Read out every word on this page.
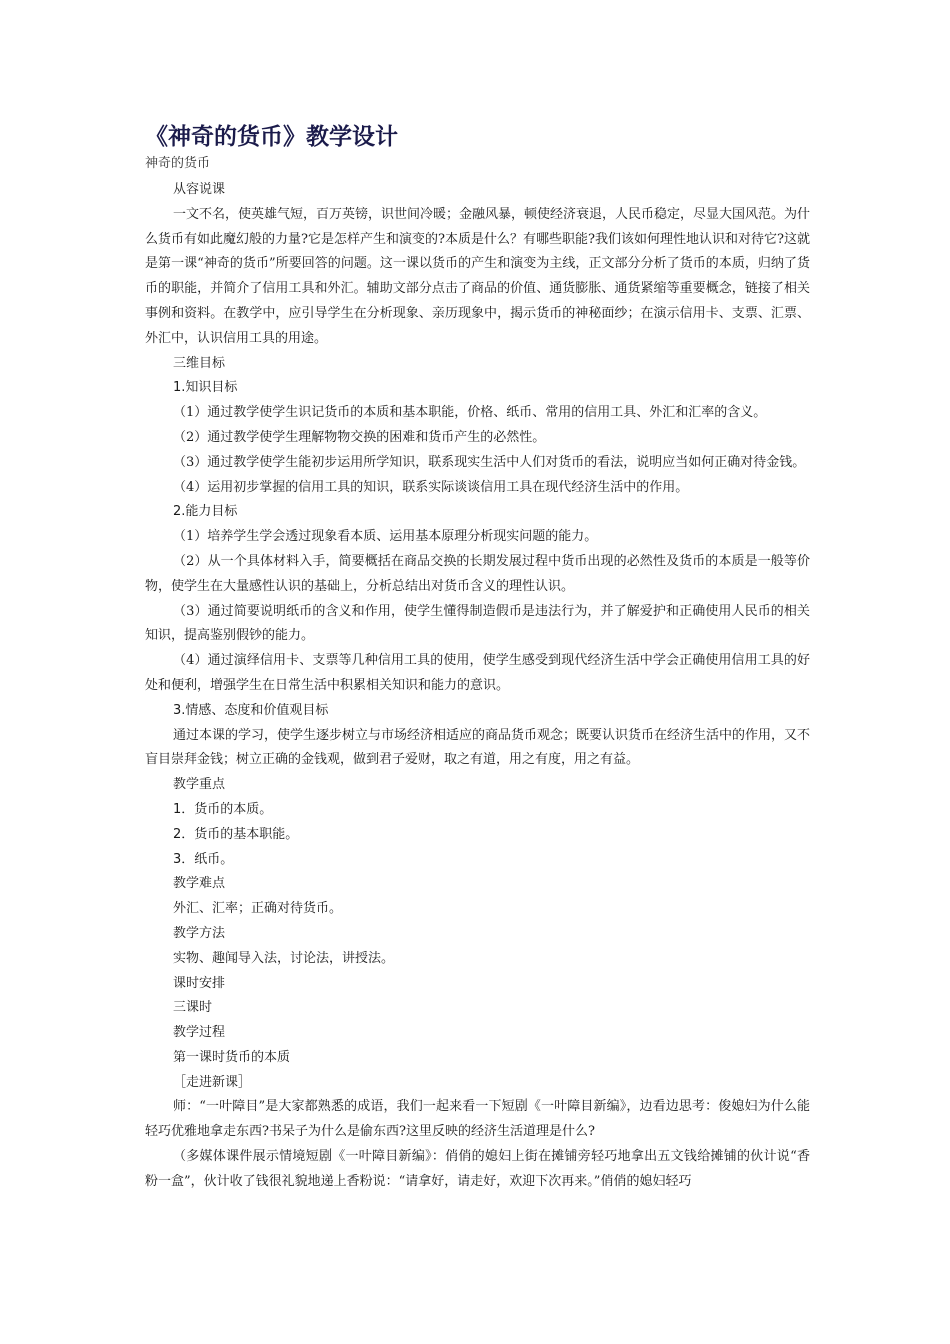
《神奇的货币》教学设计
神奇的货币
从容说课
一文不名，使英雄气短，百万英镑，识世间冷暖；金融风暴，顿使经济衰退，人民币稳定，尽显大国风范。为什么货币有如此魔幻般的力量?它是怎样产生和演变的?本质是什么？有哪些职能?我们该如何理性地认识和对待它?这就是第一课“神奇的货币”所要回答的问题。这一课以货币的产生和演变为主线，正文部分分析了货币的本质，归纳了货币的职能，并简介了信用工具和外汇。辅助文部分点击了商品的价值、通货膨胀、通货紧缩等重要概念，链接了相关事例和资料。在教学中，应引导学生在分析现象、亲历现象中，揭示货币的神秘面纱；在演示信用卡、支票、汇票、外汇中，认识信用工具的用途。
三维目标
1.知识目标
（1）通过教学使学生识记货币的本质和基本职能，价格、纸币、常用的信用工具、外汇和汇率的含义。
（2）通过教学使学生理解物物交换的困难和货币产生的必然性。
（3）通过教学使学生能初步运用所学知识，联系现实生活中人们对货币的看法，说明应当如何正确对待金钱。
（4）运用初步掌握的信用工具的知识，联系实际谈谈信用工具在现代经济生活中的作用。
2.能力目标
（1）培养学生学会透过现象看本质、运用基本原理分析现实问题的能力。
（2）从一个具体材料入手，简要概括在商品交换的长期发展过程中货币出现的必然性及货币的本质是一般等价物，使学生在大量感性认识的基础上，分析总结出对货币含义的理性认识。
（3）通过简要说明纸币的含义和作用，使学生懂得制造假币是违法行为，并了解爱护和正确使用人民币的相关知识，提高鉴别假钞的能力。
（4）通过演绎信用卡、支票等几种信用工具的使用，使学生感受到现代经济生活中学会正确使用信用工具的好处和便利，增强学生在日常生活中积累相关知识和能力的意识。
3.情感、态度和价值观目标
通过本课的学习，使学生逐步树立与市场经济相适应的商品货币观念；既要认识货币在经济生活中的作用，又不盲目崇拜金钱；树立正确的金钱观，做到君子爱财，取之有道，用之有度，用之有益。
教学重点
1．货币的本质。
2．货币的基本职能。
3．纸币。
教学难点
外汇、汇率；正确对待货币。
教学方法
实物、趣闻导入法，讨论法，讲授法。
课时安排
三课时
教学过程
第一课时货币的本质
［走进新课］
师：“一叶障目”是大家都熟悉的成语，我们一起来看一下短剧《一叶障目新编》，边看边思考：俊媳妇为什么能轻巧优雅地拿走东西?书呆子为什么是偷东西?这里反映的经济生活道理是什么?
（多媒体课件展示情境短剧《一叶障目新编》：俏俏的媳妇上街在摊铺旁轻巧地拿出五文钱给摊铺的伙计说“香粉一盒”，伙计收了钱很礼貌地递上香粉说：“请拿好，请走好，欢迎下次再来。”俏俏的媳妇轻巧
